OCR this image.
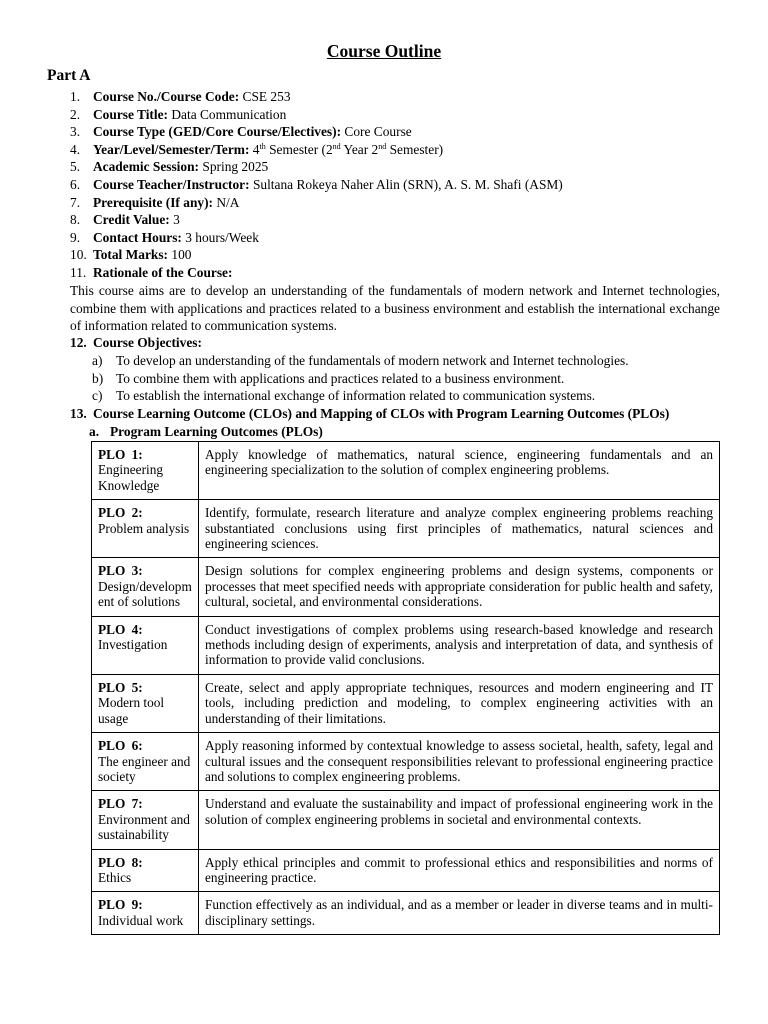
Course Outline
Part A
1. Course No./Course Code: CSE 253
2. Course Title: Data Communication
3. Course Type (GED/Core Course/Electives): Core Course
4. Year/Level/Semester/Term: 4th Semester (2nd Year 2nd Semester)
5. Academic Session: Spring 2025
6. Course Teacher/Instructor: Sultana Rokeya Naher Alin (SRN), A. S. M. Shafi (ASM)
7. Prerequisite (If any): N/A
8. Credit Value: 3
9. Contact Hours: 3 hours/Week
10. Total Marks: 100
11. Rationale of the Course:

This course aims are to develop an understanding of the fundamentals of modern network and Internet technologies, combine them with applications and practices related to a business environment and establish the international exchange of information related to communication systems.

12. Course Objectives:
a) To develop an understanding of the fundamentals of modern network and Internet technologies.
b) To combine them with applications and practices related to a business environment.
c) To establish the international exchange of information related to communication systems.
13. Course Learning Outcome (CLOs) and Mapping of CLOs with Program Learning Outcomes (PLOs)
a. Program Learning Outcomes (PLOs)
PLO 1:
Engineering Knowledge	Apply knowledge of mathematics, natural science, engineering fundamentals and an engineering specialization to the solution of complex engineering problems.

PLO 2:
Problem analysis	Identify, formulate, research literature and analyze complex engineering problems reaching substantiated conclusions using first principles of mathematics, natural sciences and engineering sciences.

PLO 3:
Design/development of solutions	Design solutions for complex engineering problems and design systems, components or processes that meet specified needs with appropriate consideration for public health and safety, cultural, societal, and environmental considerations.

PLO 4:
Investigation	Conduct investigations of complex problems using research-based knowledge and research methods including design of experiments, analysis and interpretation of data, and synthesis of information to provide valid conclusions.

PLO 5:
Modern tool usage	Create, select and apply appropriate techniques, resources and modern engineering and IT tools, including prediction and modeling, to complex engineering activities with an understanding of their limitations.

PLO 6:
The engineer and society	Apply reasoning informed by contextual knowledge to assess societal, health, safety, legal and cultural issues and the consequent responsibilities relevant to professional engineering practice and solutions to complex engineering problems.

PLO 7:
Environment and sustainability	Understand and evaluate the sustainability and impact of professional engineering work in the solution of complex engineering problems in societal and environmental contexts.

PLO 8:
Ethics	Apply ethical principles and commit to professional ethics and responsibilities and norms of engineering practice.

PLO 9:
Individual work	Function effectively as an individual, and as a member or leader in diverse teams and in multi-disciplinary settings.
